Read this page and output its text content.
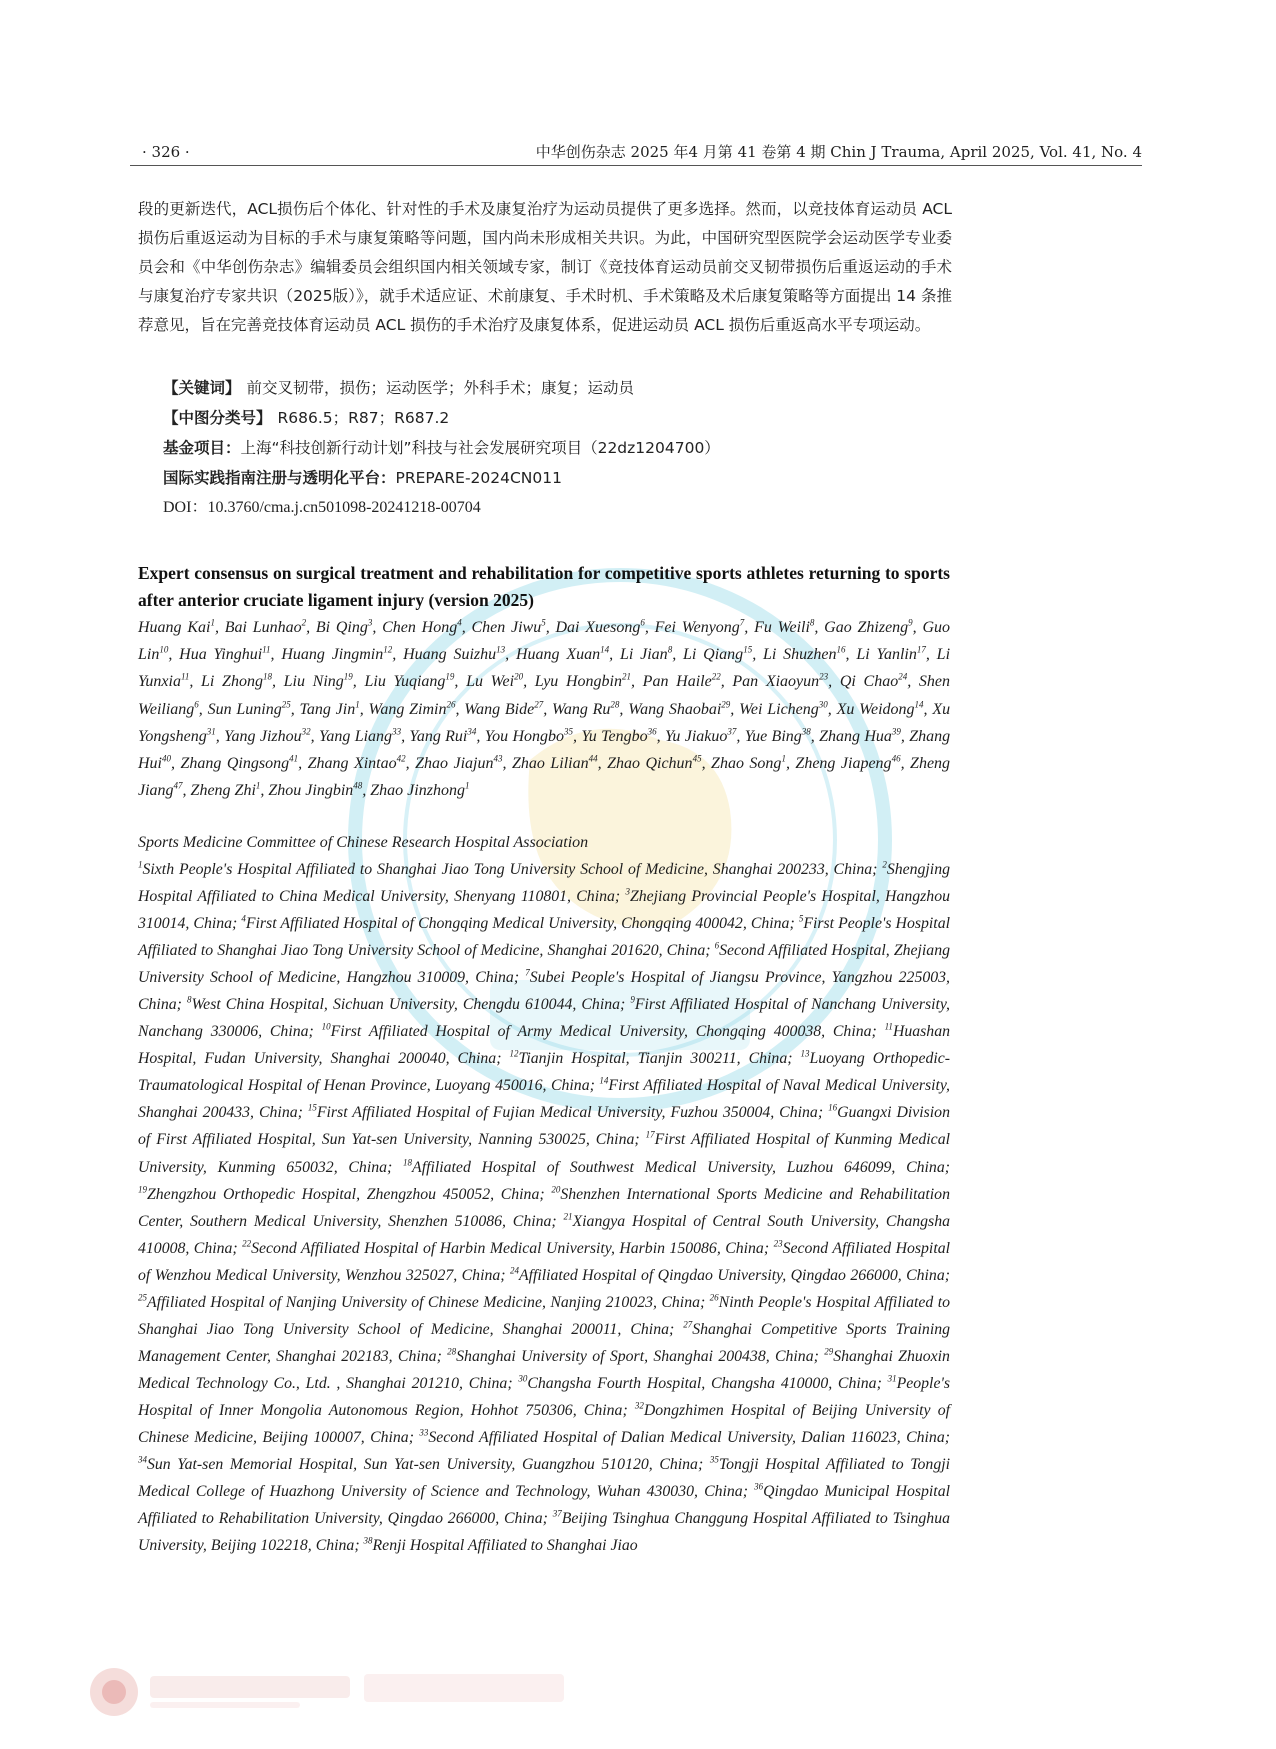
· 326 ·	中华创伤杂志 2025 年4 月第 41 卷第 4 期 Chin J Trauma, April 2025, Vol. 41, No. 4
段的更新迭代，ACL损伤后个体化、针对性的手术及康复治疗为运动员提供了更多选择。然而，以竞技体育运动员 ACL 损伤后重返运动为目标的手术与康复策略等问题，国内尚未形成相关共识。为此，中国研究型医院学会运动医学专业委员会和《中华创伤杂志》编辑委员会组织国内相关领域专家，制订《竞技体育运动员前交叉韧带损伤后重返运动的手术与康复治疗专家共识（2025版）》，就手术适应证、术前康复、手术时机、手术策略及术后康复策略等方面提出 14 条推荐意见，旨在完善竞技体育运动员 ACL 损伤的手术治疗及康复体系，促进运动员 ACL 损伤后重返高水平专项运动。
【关键词】 前交叉韧带，损伤；运动医学；外科手术；康复；运动员
【中图分类号】 R686.5；R87；R687.2
基金项目：上海“科技创新行动计划”科技与社会发展研究项目（22dz1204700）
国际实践指南注册与透明化平台：PREPARE-2024CN011
DOI：10.3760/cma.j.cn501098-20241218-00704
Expert consensus on surgical treatment and rehabilitation for competitive sports athletes returning to sports after anterior cruciate ligament injury (version 2025)
Huang Kai$^1$, Bai Lunhao$^2$, Bi Qing$^3$, Chen Hong$^4$, Chen Jiwu$^5$, Dai Xuesong$^6$, Fei Wenyong$^7$, Fu Weili$^8$, Gao Zhizeng$^9$, Guo Lin$^{10}$, Hua Yinghui$^{11}$, Huang Jingmin$^{12}$, Huang Suizhu$^{13}$, Huang Xuan$^{14}$, Li Jian$^8$, Li Qiang$^{15}$, Li Shuzhen$^{16}$, Li Yanlin$^{17}$, Li Yunxia$^{11}$, Li Zhong$^{18}$, Liu Ning$^{19}$, Liu Yuqiang$^{19}$, Lu Wei$^{20}$, Lyu Hongbin$^{21}$, Pan Haile$^{22}$, Pan Xiaoyun$^{23}$, Qi Chao$^{24}$, Shen Weiliang$^6$, Sun Luning$^{25}$, Tang Jin$^1$, Wang Zimin$^{26}$, Wang Bide$^{27}$, Wang Ru$^{28}$, Wang Shaobai$^{29}$, Wei Licheng$^{30}$, Xu Weidong$^{14}$, Xu Yongsheng$^{31}$, Yang Jizhou$^{32}$, Yang Liang$^{33}$, Yang Rui$^{34}$, You Hongbo$^{35}$, Yu Tengbo$^{36}$, Yu Jiakuo$^{37}$, Yue Bing$^{38}$, Zhang Hua$^{39}$, Zhang Hui$^{40}$, Zhang Qingsong$^{41}$, Zhang Xintao$^{42}$, Zhao Jiajun$^{43}$, Zhao Lilian$^{44}$, Zhao Qichun$^{45}$, Zhao Song$^1$, Zheng Jiapeng$^{46}$, Zheng Jiang$^{47}$, Zheng Zhi$^1$, Zhou Jingbin$^{48}$, Zhao Jinzhong$^1$
Sports Medicine Committee of Chinese Research Hospital Association
$^1$Sixth People's Hospital Affiliated to Shanghai Jiao Tong University School of Medicine, Shanghai 200233, China; $^2$Shengjing Hospital Affiliated to China Medical University, Shenyang 110801, China; $^3$Zhejiang Provincial People's Hospital, Hangzhou 310014, China; $^4$First Affiliated Hospital of Chongqing Medical University, Chongqing 400042, China; $^5$First People's Hospital Affiliated to Shanghai Jiao Tong University School of Medicine, Shanghai 201620, China; $^6$Second Affiliated Hospital, Zhejiang University School of Medicine, Hangzhou 310009, China; $^7$Subei People's Hospital of Jiangsu Province, Yangzhou 225003, China; $^8$West China Hospital, Sichuan University, Chengdu 610044, China; $^9$First Affiliated Hospital of Nanchang University, Nanchang 330006, China; $^{10}$First Affiliated Hospital of Army Medical University, Chongqing 400038, China; $^{11}$Huashan Hospital, Fudan University, Shanghai 200040, China; $^{12}$Tianjin Hospital, Tianjin 300211, China; $^{13}$Luoyang Orthopedic-Traumatological Hospital of Henan Province, Luoyang 450016, China; $^{14}$First Affiliated Hospital of Naval Medical University, Shanghai 200433, China; $^{15}$First Affiliated Hospital of Fujian Medical University, Fuzhou 350004, China; $^{16}$Guangxi Division of First Affiliated Hospital, Sun Yat-sen University, Nanning 530025, China; $^{17}$First Affiliated Hospital of Kunming Medical University, Kunming 650032, China; $^{18}$Affiliated Hospital of Southwest Medical University, Luzhou 646099, China; $^{19}$Zhengzhou Orthopedic Hospital, Zhengzhou 450052, China; $^{20}$Shenzhen International Sports Medicine and Rehabilitation Center, Southern Medical University, Shenzhen 510086, China; $^{21}$Xiangya Hospital of Central South University, Changsha 410008, China; $^{22}$Second Affiliated Hospital of Harbin Medical University, Harbin 150086, China; $^{23}$Second Affiliated Hospital of Wenzhou Medical University, Wenzhou 325027, China; $^{24}$Affiliated Hospital of Qingdao University, Qingdao 266000, China; $^{25}$Affiliated Hospital of Nanjing University of Chinese Medicine, Nanjing 210023, China; $^{26}$Ninth People's Hospital Affiliated to Shanghai Jiao Tong University School of Medicine, Shanghai 200011, China; $^{27}$Shanghai Competitive Sports Training Management Center, Shanghai 202183, China; $^{28}$Shanghai University of Sport, Shanghai 200438, China; $^{29}$Shanghai Zhuoxin Medical Technology Co., Ltd. , Shanghai 201210, China; $^{30}$Changsha Fourth Hospital, Changsha 410000, China; $^{31}$People's Hospital of Inner Mongolia Autonomous Region, Hohhot 750306, China; $^{32}$Dongzhimen Hospital of Beijing University of Chinese Medicine, Beijing 100007, China; $^{33}$Second Affiliated Hospital of Dalian Medical University, Dalian 116023, China; $^{34}$Sun Yat-sen Memorial Hospital, Sun Yat-sen University, Guangzhou 510120, China; $^{35}$Tongji Hospital Affiliated to Tongji Medical College of Huazhong University of Science and Technology, Wuhan 430030, China; $^{36}$Qingdao Municipal Hospital Affiliated to Rehabilitation University, Qingdao 266000, China; $^{37}$Beijing Tsinghua Changgung Hospital Affiliated to Tsinghua University, Beijing 102218, China; $^{38}$Renji Hospital Affiliated to Shanghai Jiao
